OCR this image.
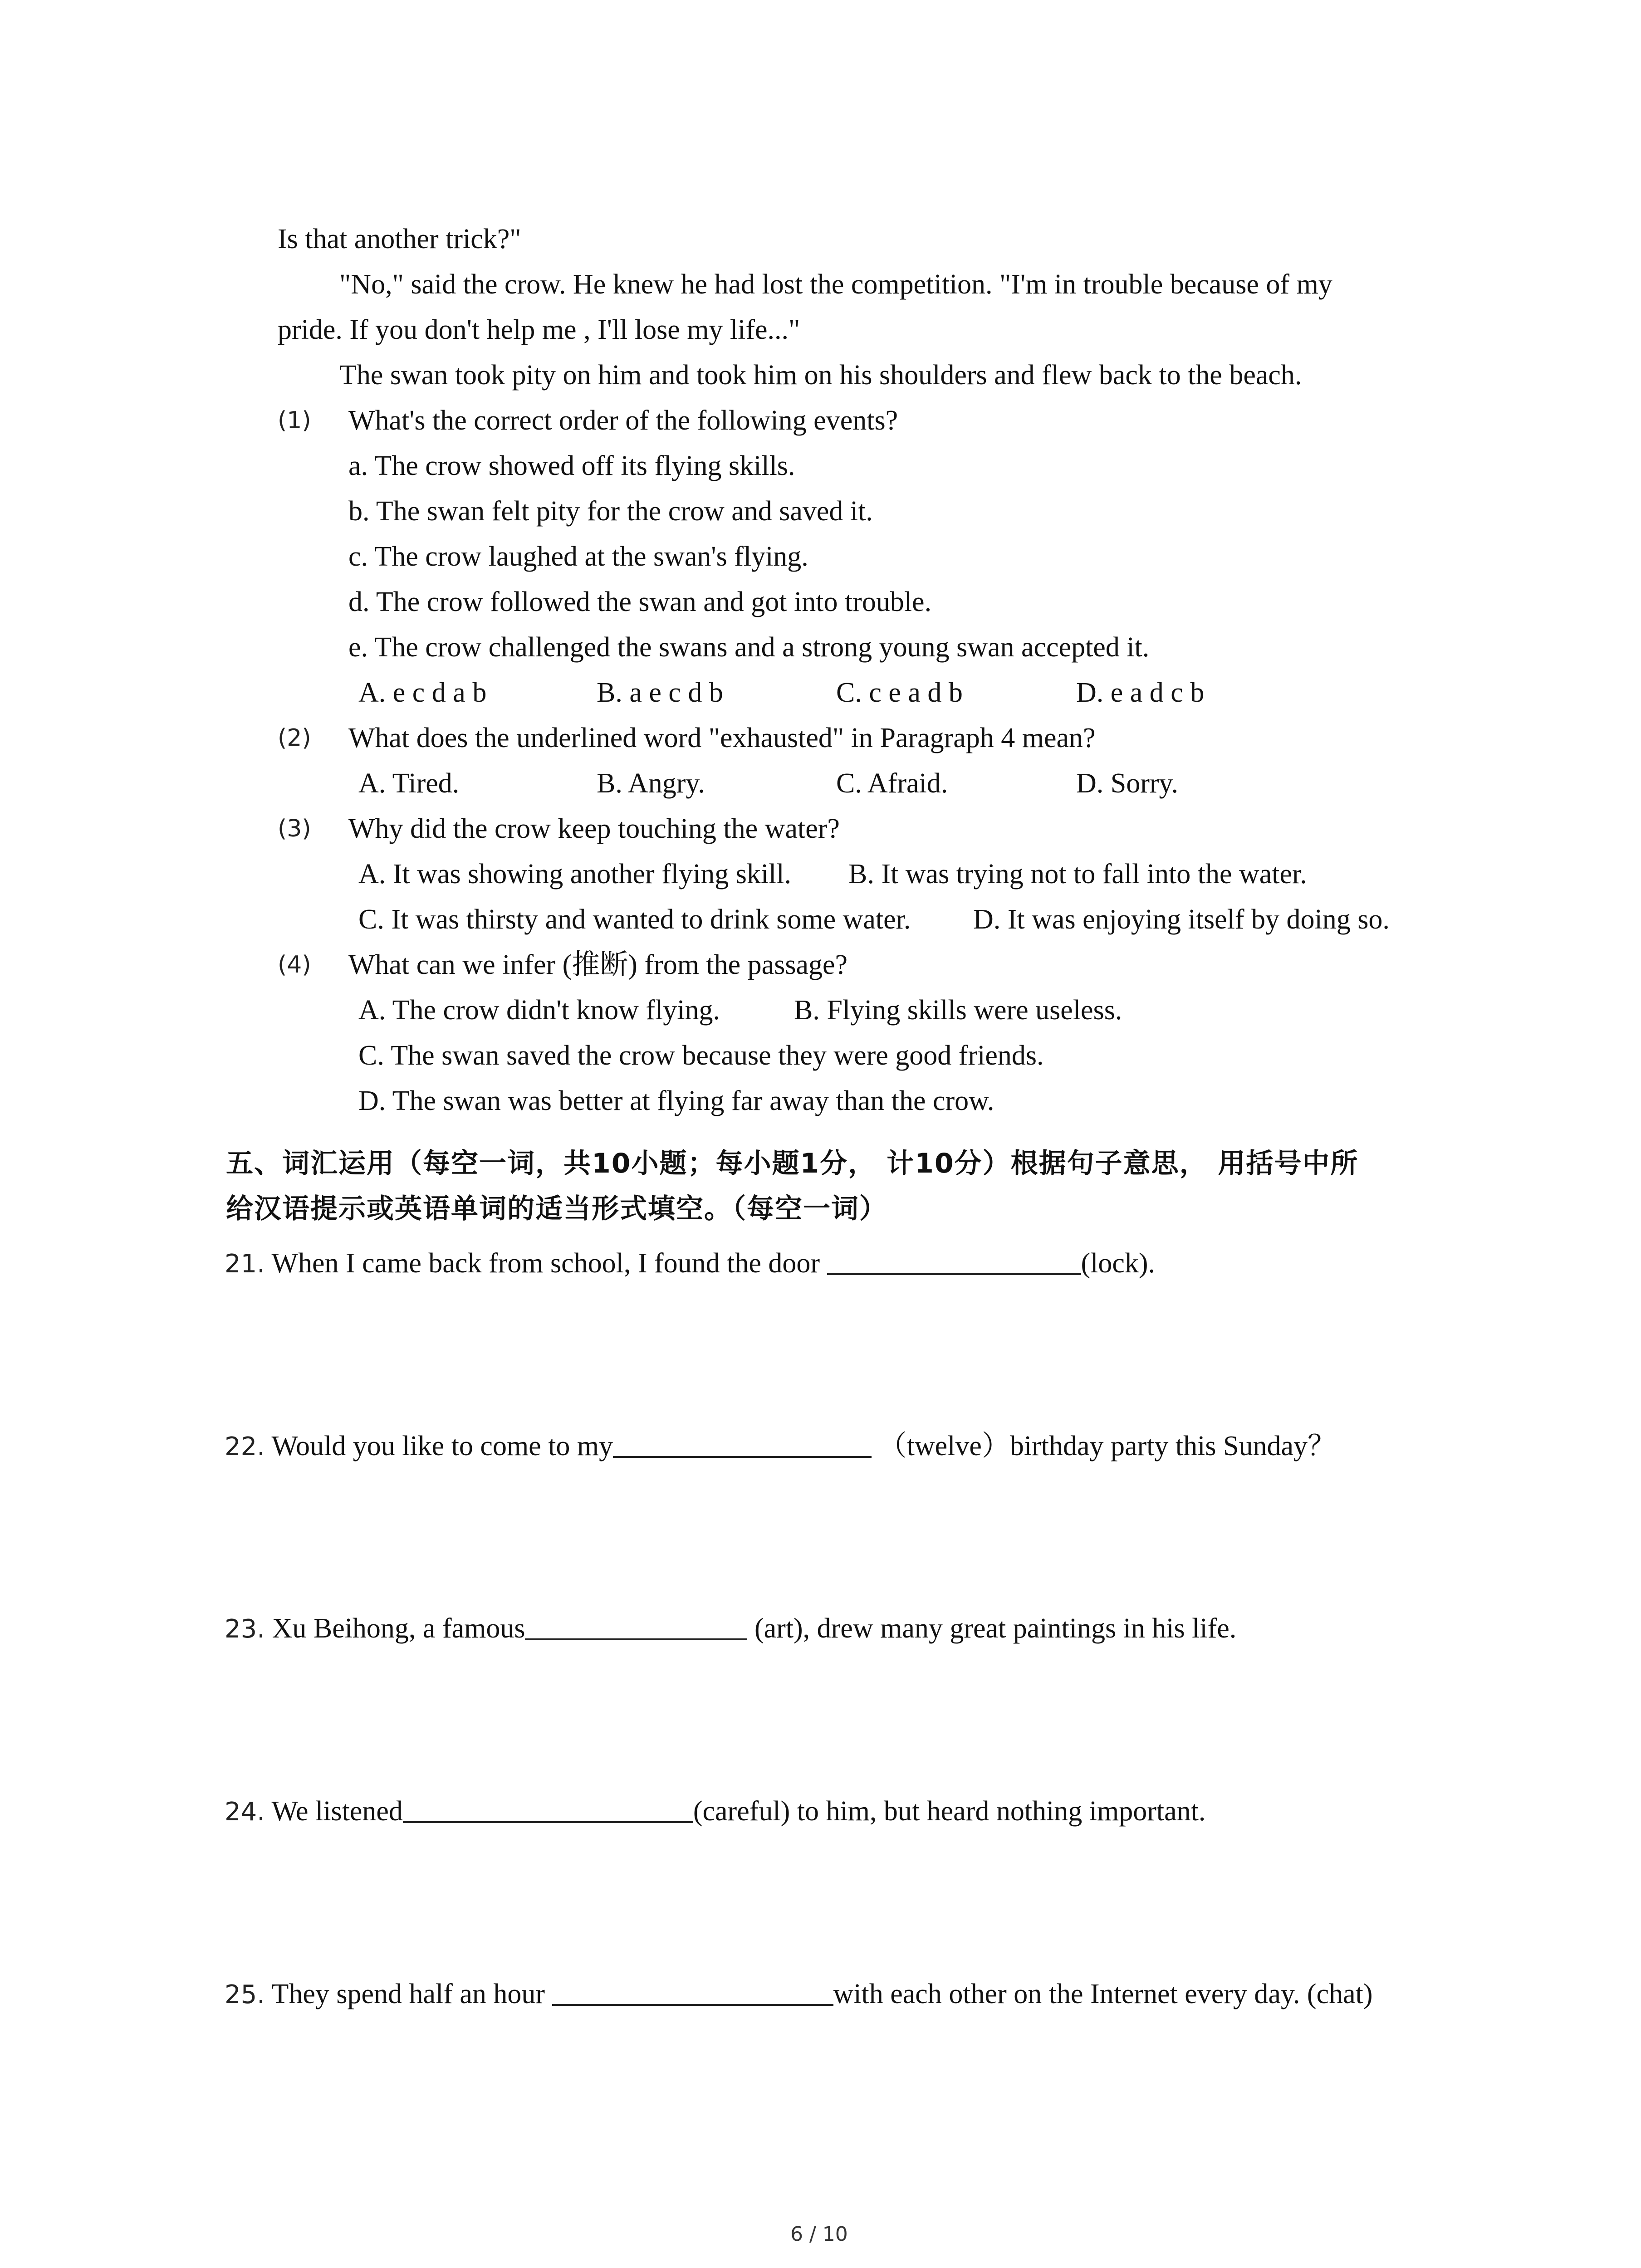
Is that another trick?"
"No," said the crow. He knew he had lost the competition. "I'm in trouble because of my
pride. If you don't help me , I'll lose my life..."
The swan took pity on him and took him on his shoulders and flew back to the beach.
(1) What's the correct order of the following events?
a. The crow showed off its flying skills.
b. The swan felt pity for the crow and saved it.
c. The crow laughed at the swan's flying.
d. The crow followed the swan and got into trouble.
e. The crow challenged the swans and a strong young swan accepted it.
A. e c d a b	B. a e c d b	C. c e a d b	D. e a d c b
(2) What does the underlined word "exhausted" in Paragraph 4 mean?
A. Tired.	B. Angry.	C. Afraid.	D. Sorry.
(3) Why did the crow keep touching the water?
A. It was showing another flying skill. B. It was trying not to fall into the water.
C. It was thirsty and wanted to drink some water. D. It was enjoying itself by doing so.
(4) What can we infer (推断) from the passage?
A. The crow didn't know flying.	B. Flying skills were useless.
C. The swan saved the crow because they were good friends.
D. The swan was better at flying far away than the crow.
五、词汇运用（每空一词，共10小题；每小题1分， 计10分）根据句子意思， 用括号中所
给汉语提示或英语单词的适当形式填空。（每空一词）
21. When I came back from school, I found the door	(lock).
22. Would you like to come to my	（twelve）birthday party this Sunday？
23. Xu Beihong, a famous	(art), drew many great paintings in his life.
24. We listened	(careful) to him, but heard nothing important.
25. They spend half an hour	with each other on the Internet every day. (chat)
6 / 10
